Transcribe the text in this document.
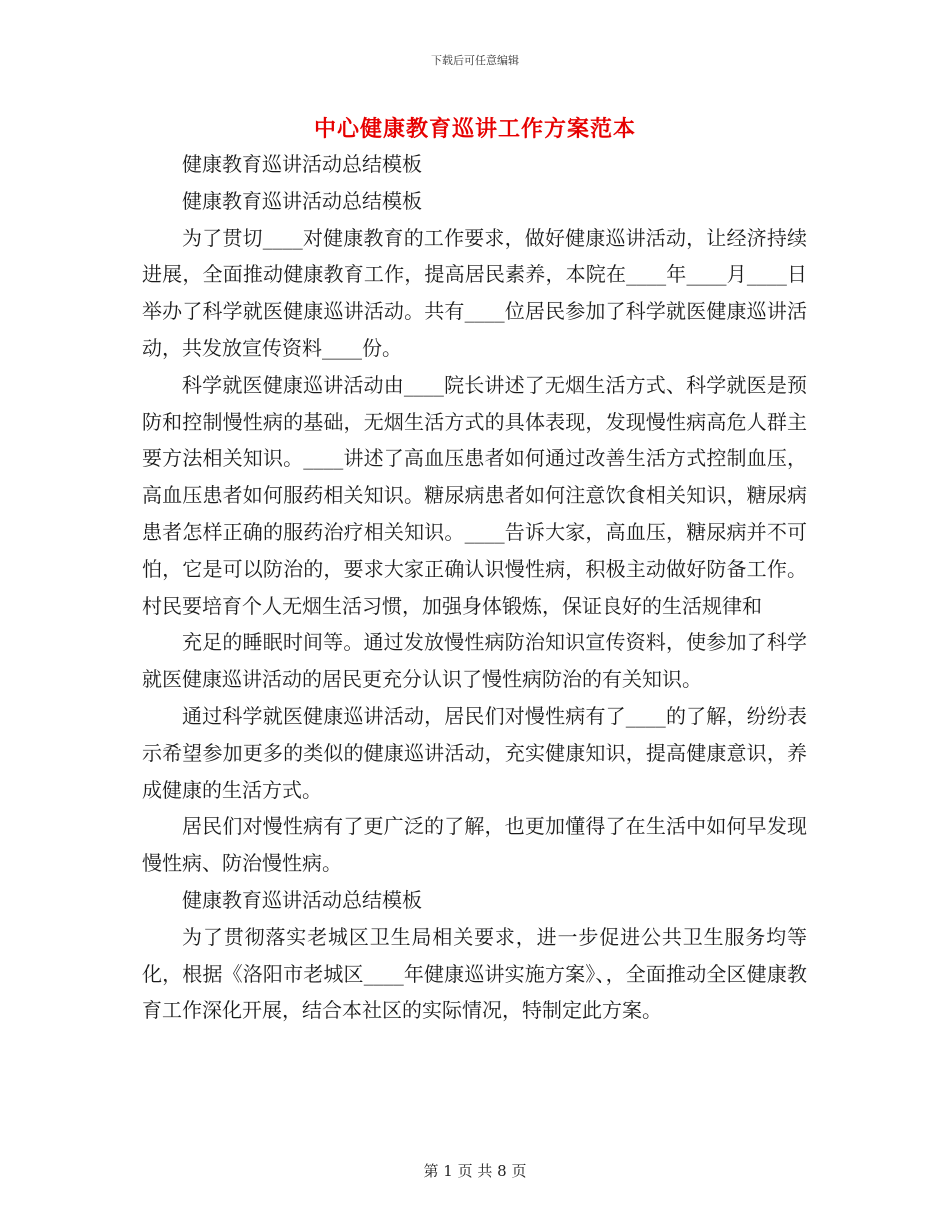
下载后可任意编辑
中心健康教育巡讲工作方案范本

健康教育巡讲活动总结模板

健康教育巡讲活动总结模板

为了贯切____对健康教育的工作要求，做好健康巡讲活动，让经济持续进展，全面推动健康教育工作，提高居民素养，本院在____年____月____日举办了科学就医健康巡讲活动。共有____位居民参加了科学就医健康巡讲活动，共发放宣传资料____份。

科学就医健康巡讲活动由____院长讲述了无烟生活方式、科学就医是预防和控制慢性病的基础，无烟生活方式的具体表现，发现慢性病高危人群主要方法相关知识。____讲述了高血压患者如何通过改善生活方式控制血压，高血压患者如何服药相关知识。糖尿病患者如何注意饮食相关知识，糖尿病患者怎样正确的服药治疗相关知识。____告诉大家，高血压，糖尿病并不可怕，它是可以防治的，要求大家正确认识慢性病，积极主动做好防备工作。村民要培育个人无烟生活习惯，加强身体锻炼，保证良好的生活规律和

充足的睡眠时间等。通过发放慢性病防治知识宣传资料，使参加了科学就医健康巡讲活动的居民更充分认识了慢性病防治的有关知识。

通过科学就医健康巡讲活动，居民们对慢性病有了____的了解，纷纷表示希望参加更多的类似的健康巡讲活动，充实健康知识，提高健康意识，养成健康的生活方式。

居民们对慢性病有了更广泛的了解，也更加懂得了在生活中如何早发现慢性病、防治慢性病。

健康教育巡讲活动总结模板

为了贯彻落实老城区卫生局相关要求，进一步促进公共卫生服务均等化，根据《洛阳市老城区____年健康巡讲实施方案》、，全面推动全区健康教育工作深化开展，结合本社区的实际情况，特制定此方案。

第 1 页 共 8 页
